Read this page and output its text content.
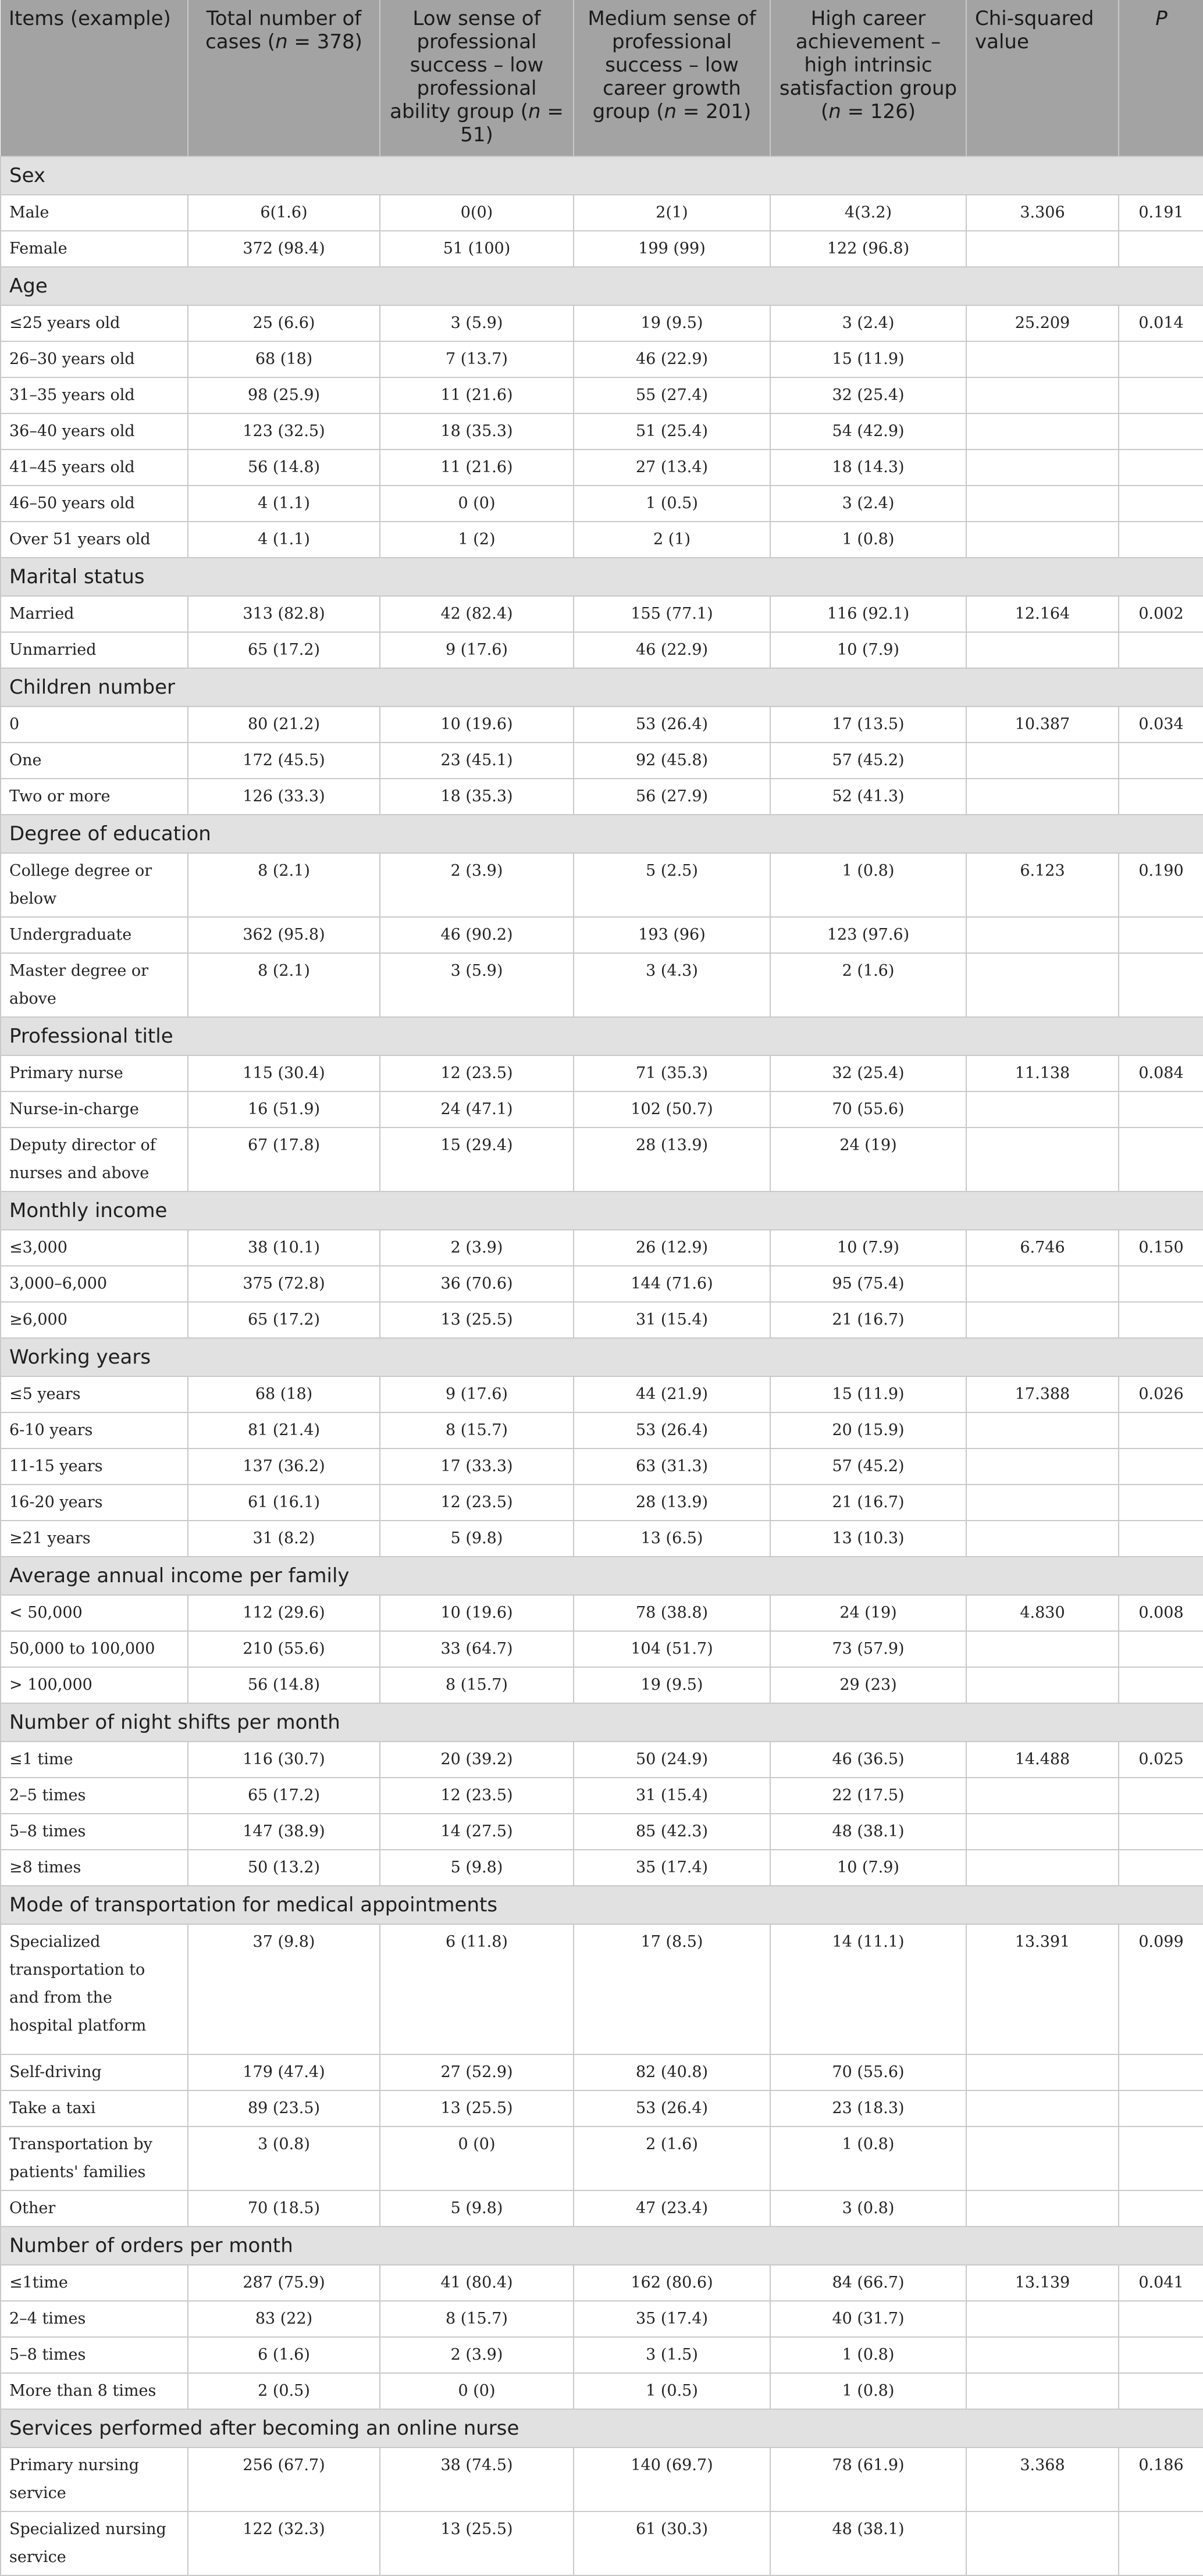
Items (example)	Total number of cases (n = 378)	Low sense of professional success – low professional ability group (n = 51)	Medium sense of professional success – low career growth group (n = 201)	High career achievement – high intrinsic satisfaction group (n = 126)	Chi-squared value	P
Sex						
Male	6(1.6)	0(0)	2(1)	4(3.2)	3.306	0.191
Female	372 (98.4)	51 (100)	199 (99)	122 (96.8)		
Age						
≤25 years old	25 (6.6)	3 (5.9)	19 (9.5)	3 (2.4)	25.209	0.014
26–30 years old	68 (18)	7 (13.7)	46 (22.9)	15 (11.9)		
31–35 years old	98 (25.9)	11 (21.6)	55 (27.4)	32 (25.4)		
36–40 years old	123 (32.5)	18 (35.3)	51 (25.4)	54 (42.9)		
41–45 years old	56 (14.8)	11 (21.6)	27 (13.4)	18 (14.3)		
46–50 years old	4 (1.1)	0 (0)	1 (0.5)	3 (2.4)		
Over 51 years old	4 (1.1)	1 (2)	2 (1)	1 (0.8)		
Marital status						
Married	313 (82.8)	42 (82.4)	155 (77.1)	116 (92.1)	12.164	0.002
Unmarried	65 (17.2)	9 (17.6)	46 (22.9)	10 (7.9)		
Children number						
0	80 (21.2)	10 (19.6)	53 (26.4)	17 (13.5)	10.387	0.034
One	172 (45.5)	23 (45.1)	92 (45.8)	57 (45.2)		
Two or more	126 (33.3)	18 (35.3)	56 (27.9)	52 (41.3)		
Degree of education						
College degree or below	8 (2.1)	2 (3.9)	5 (2.5)	1 (0.8)	6.123	0.190
Undergraduate	362 (95.8)	46 (90.2)	193 (96)	123 (97.6)		
Master degree or above	8 (2.1)	3 (5.9)	3 (4.3)	2 (1.6)		
Professional title						
Primary nurse	115 (30.4)	12 (23.5)	71 (35.3)	32 (25.4)	11.138	0.084
Nurse-in-charge	16 (51.9)	24 (47.1)	102 (50.7)	70 (55.6)		
Deputy director of nurses and above	67 (17.8)	15 (29.4)	28 (13.9)	24 (19)		
Monthly income						
≤3,000	38 (10.1)	2 (3.9)	26 (12.9)	10 (7.9)	6.746	0.150
3,000–6,000	375 (72.8)	36 (70.6)	144 (71.6)	95 (75.4)		
≥6,000	65 (17.2)	13 (25.5)	31 (15.4)	21 (16.7)		
Working years						
≤5 years	68 (18)	9 (17.6)	44 (21.9)	15 (11.9)	17.388	0.026
6-10 years	81 (21.4)	8 (15.7)	53 (26.4)	20 (15.9)		
11-15 years	137 (36.2)	17 (33.3)	63 (31.3)	57 (45.2)		
16-20 years	61 (16.1)	12 (23.5)	28 (13.9)	21 (16.7)		
≥21 years	31 (8.2)	5 (9.8)	13 (6.5)	13 (10.3)		
Average annual income per family						
< 50,000	112 (29.6)	10 (19.6)	78 (38.8)	24 (19)	4.830	0.008
50,000 to 100,000	210 (55.6)	33 (64.7)	104 (51.7)	73 (57.9)		
> 100,000	56 (14.8)	8 (15.7)	19 (9.5)	29 (23)		
Number of night shifts per month						
≤1 time	116 (30.7)	20 (39.2)	50 (24.9)	46 (36.5)	14.488	0.025
2–5 times	65 (17.2)	12 (23.5)	31 (15.4)	22 (17.5)		
5–8 times	147 (38.9)	14 (27.5)	85 (42.3)	48 (38.1)		
≥8 times	50 (13.2)	5 (9.8)	35 (17.4)	10 (7.9)		
Mode of transportation for medical appointments						
Specialized transportation to and from the hospital platform	37 (9.8)	6 (11.8)	17 (8.5)	14 (11.1)	13.391	0.099
Self-driving	179 (47.4)	27 (52.9)	82 (40.8)	70 (55.6)		
Take a taxi	89 (23.5)	13 (25.5)	53 (26.4)	23 (18.3)		
Transportation by patients' families	3 (0.8)	0 (0)	2 (1.6)	1 (0.8)		
Other	70 (18.5)	5 (9.8)	47 (23.4)	3 (0.8)		
Number of orders per month						
≤1time	287 (75.9)	41 (80.4)	162 (80.6)	84 (66.7)	13.139	0.041
2–4 times	83 (22)	8 (15.7)	35 (17.4)	40 (31.7)		
5–8 times	6 (1.6)	2 (3.9)	3 (1.5)	1 (0.8)		
More than 8 times	2 (0.5)	0 (0)	1 (0.5)	1 (0.8)		
Services performed after becoming an online nurse						
Primary nursing service	256 (67.7)	38 (74.5)	140 (69.7)	78 (61.9)	3.368	0.186
Specialized nursing service	122 (32.3)	13 (25.5)	61 (30.3)	48 (38.1)		
